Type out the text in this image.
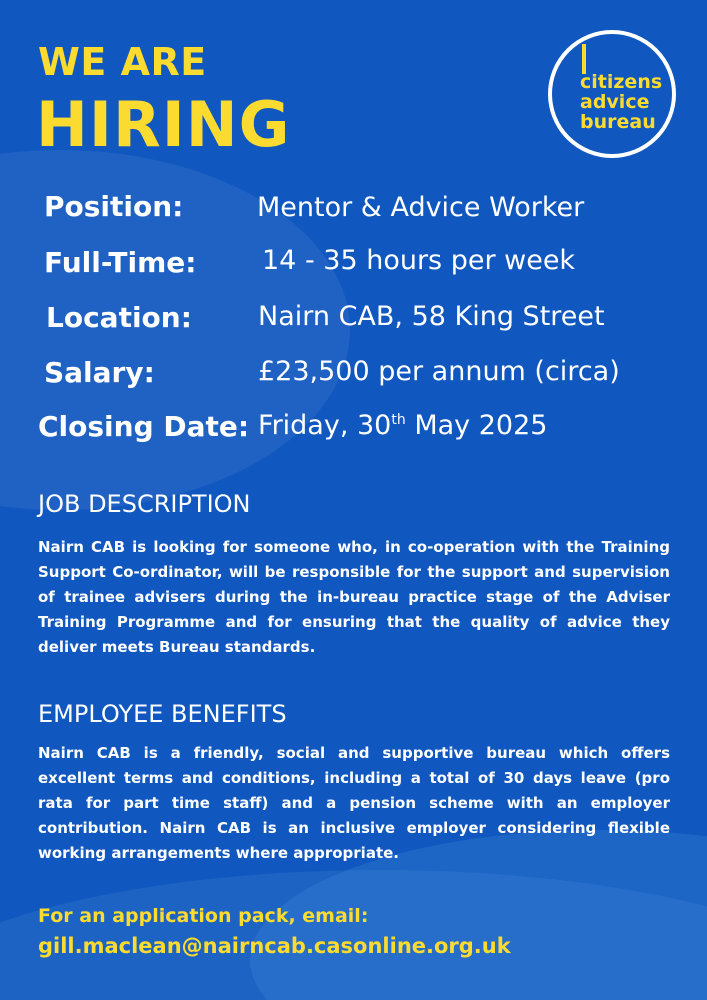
WE ARE
HIRING
citizens
advice
bureau
Position:	Mentor & Advice Worker
Full-Time: 14 - 35 hours per week
Location: Nairn CAB, 58 King Street
Salary:	£23,500 per annum (circa)
Closing Date: Friday, 30th May 2025
JOB DESCRIPTION
Nairn CAB is looking for someone who, in co-operation with the Training Support Co-ordinator, will be responsible for the support and supervision of trainee advisers during the in-bureau practice stage of the Adviser Training Programme and for ensuring that the quality of advice they deliver meets Bureau standards.
EMPLOYEE BENEFITS
Nairn CAB is a friendly, social and supportive bureau which offers excellent terms and conditions, including a total of 30 days leave (pro rata for part time staff) and a pension scheme with an employer contribution. Nairn CAB is an inclusive employer considering flexible working arrangements where appropriate.
For an application pack, email:
gill.maclean@nairncab.casonline.org.uk
